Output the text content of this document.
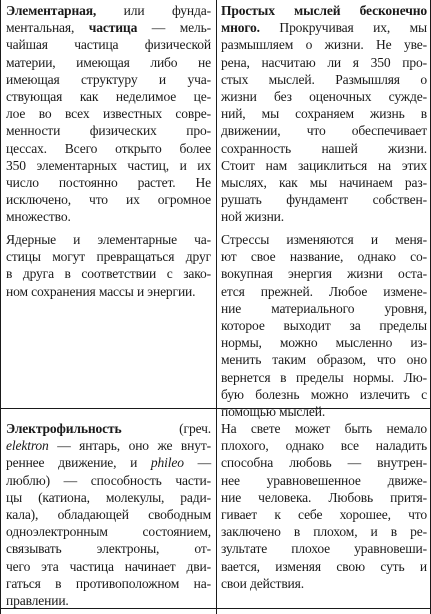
Элементарная, или фунда-
ментальная, частица — мель-
чайшая частица физической
материи, имеющая либо не
имеющая структуру и уча-
ствующая как неделимое це-
лое во всех известных совре-
менности физических про-
цессах. Всего открыто более
350 элементарных частиц, и их
число постоянно растет. Не
исключено, что их огромное
множество.
Ядерные и элементарные ча-
стицы могут превращаться друг
в друга в соответствии с зако-
ном сохранения массы и энергии.
Электрофильность (греч.
elektron — янтарь, оно же внут-
реннее движение, и phileo —
люблю) — способность части-
цы (катиона, молекулы, ради-
кала), обладающей свободным
одноэлектронным состоянием,
связывать электроны, от-
чего эта частица начинает дви-
гаться в противоположном на-
правлении.
Простых мыслей бесконечно
много. Прокручивая их, мы
размышляем о жизни. Не уве-
рена, насчитаю ли я 350 про-
стых мыслей. Размышляя о
жизни без оценочных сужде-
ний, мы сохраняем жизнь в
движении, что обеспечивает
сохранность нашей жизни.
Стоит нам зациклиться на этих
мыслях, как мы начинаем раз-
рушать фундамент собствен-
ной жизни.
Стрессы изменяются и меня-
ют свое название, однако со-
вокупная энергия жизни оста-
ется прежней. Любое измене-
ние материального уровня,
которое выходит за пределы
нормы, можно мысленно из-
менить таким образом, что оно
вернется в пределы нормы. Лю-
бую болезнь можно излечить с
помощью мыслей.
На свете может быть немало
плохого, однако все наладить
способна любовь — внутрен-
нее уравновешенное движе-
ние человека. Любовь притя-
гивает к себе хорошее, что
заключено в плохом, и в ре-
зультате плохое уравновеши-
вается, изменяя свою суть и
свои действия.
